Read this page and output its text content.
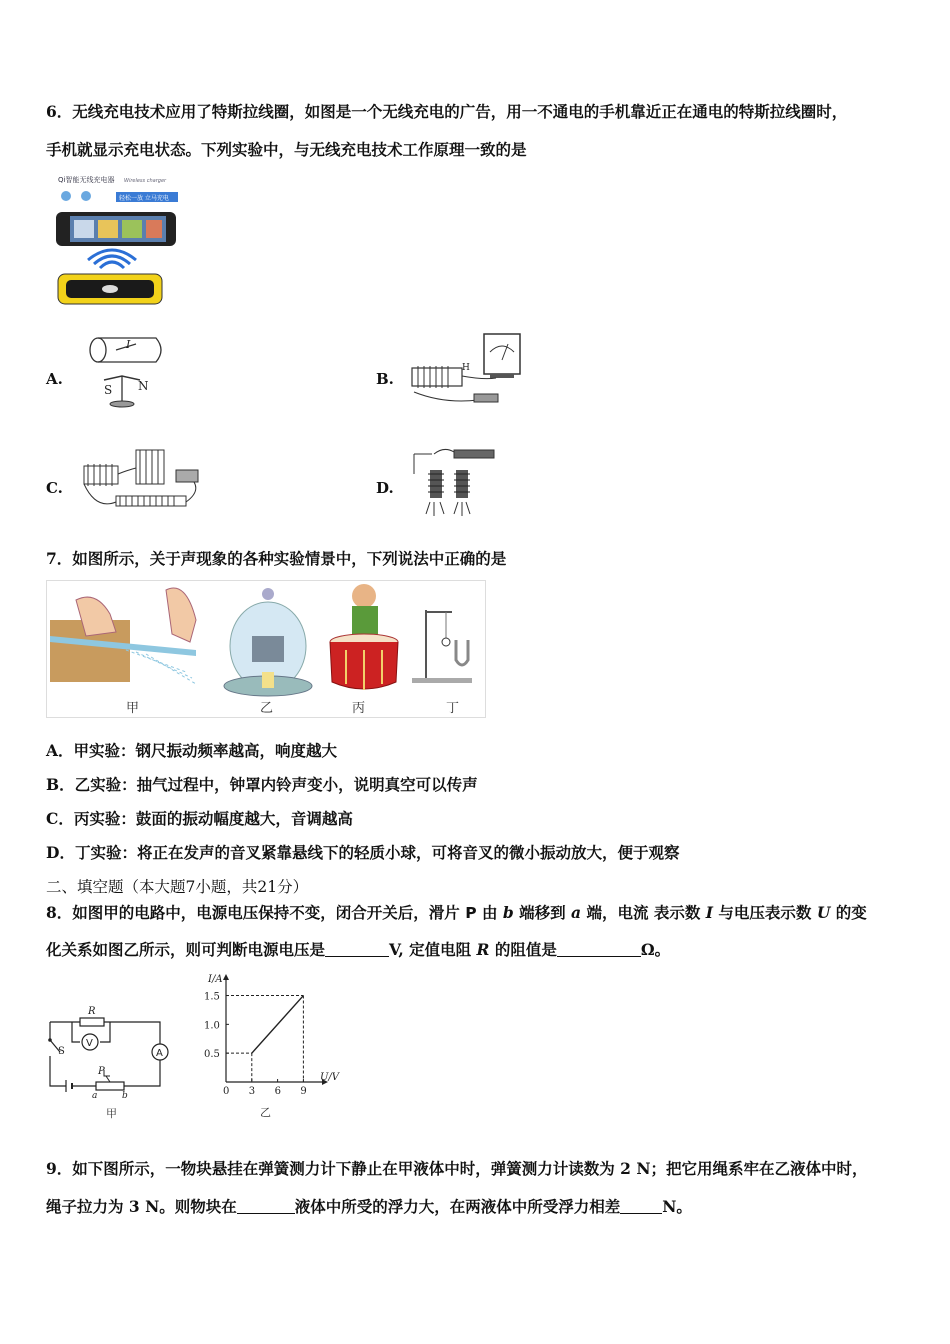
6．无线充电技术应用了特斯拉线圈，如图是一个无线充电的广告，用一不通电的手机靠近正在通电的特斯拉线圈时，
手机就显示充电状态。下列实验中，与无线充电技术工作原理一致的是
Qi智能无线充电器 Wireless charger
轻松一放 立马充电
A.
I
S N	B.
H
C.	D.
7．如图所示，关于声现象的各种实验情景中，下列说法中正确的是
甲	乙	丙	丁
A．甲实验：钢尺振动频率越高，响度越大
B．乙实验：抽气过程中，钟罩内铃声变小，说明真空可以传声
C．丙实验：鼓面的振动幅度越大，音调越高
D．丁实验：将正在发声的音叉紧靠悬线下的轻质小球，可将音叉的微小振动放大，便于观察
二、填空题（本大题7小题，共21分）
8．如图甲的电路中，电源电压保持不变，闭合开关后，滑片 P 由 b 端移到 a 端，电流 表示数 I 与电压表示数 U 的变
化关系如图乙所示，则可判断电源电压是	V, 定值电阻 R 的阻值是	Ω。
S
P
a	b
R
V
A
甲
I/A
U/V
乙
0 3 6 9
0.5
1.0
1.5
9．如下图所示，一物块悬挂在弹簧测力计下静止在甲液体中时，弹簧测力计读数为 2 N；把它用绳系牢在乙液体中时，
绳子拉力为 3 N。则物块在	液体中所受的浮力大，在两液体中所受浮力相差	N。
